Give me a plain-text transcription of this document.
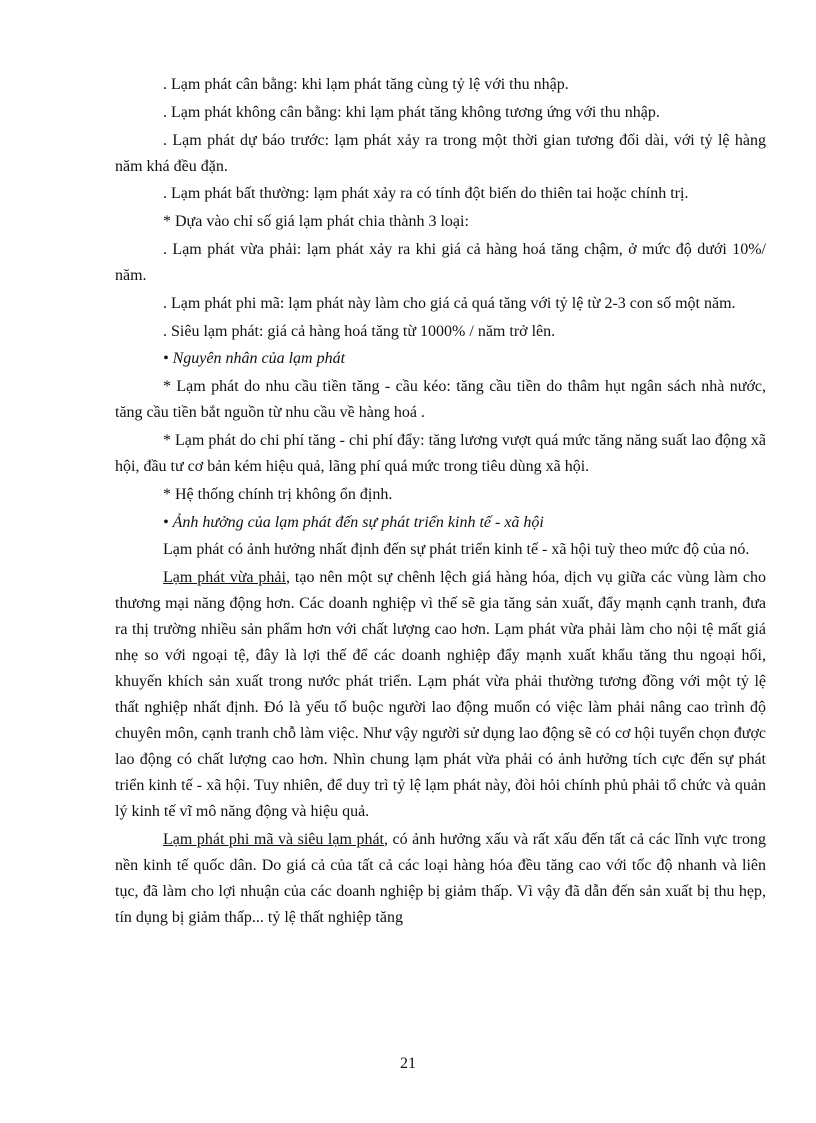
. Lạm phát cân bằng: khi lạm phát tăng cùng tỷ lệ với thu nhập.

. Lạm phát không cân bằng: khi lạm phát tăng không tương ứng với thu nhập.

. Lạm phát dự báo trước: lạm phát xảy ra trong một thời gian tương đối dài, với tỷ lệ hàng năm khá đều đặn.

. Lạm phát bất thường: lạm phát xảy ra có tính đột biến do thiên tai hoặc chính trị.

* Dựa vào chỉ số giá lạm phát chia thành 3 loại:

. Lạm phát vừa phải: lạm phát xảy ra khi giá cả hàng hoá tăng chậm, ở mức độ dưới 10%/ năm.

. Lạm phát phi mã: lạm phát này làm cho giá cả quá tăng với tỷ lệ từ 2-3 con số một năm.

. Siêu lạm phát: giá cả hàng hoá tăng từ 1000% / năm trở lên.

• Nguyên nhân của lạm phát

* Lạm phát do nhu cầu tiền tăng - cầu kéo: tăng cầu tiền do thâm hụt ngân sách nhà nước, tăng cầu tiền bắt nguồn từ nhu cầu về hàng hoá .

* Lạm phát do chi phí tăng - chi phí đẩy: tăng lương vượt quá mức tăng năng suất lao động xã hội, đầu tư cơ bản kém hiệu quả, lãng phí quá mức trong tiêu dùng xã hội.

* Hệ thống chính trị không ổn định.

• Ảnh hưởng của lạm phát đến sự phát triển kinh tế - xã hội

Lạm phát có ảnh hưởng nhất định đến sự phát triển kinh tế - xã hội tuỳ theo mức độ của nó.

Lạm phát vừa phải, tạo nên một sự chênh lệch giá hàng hóa, dịch vụ giữa các vùng làm cho thương mại năng động hơn. Các doanh nghiệp vì thế sẽ gia tăng sản xuất, đẩy mạnh cạnh tranh, đưa ra thị trường nhiều sản phẩm hơn với chất lượng cao hơn. Lạm phát vừa phải làm cho nội tệ mất giá nhẹ so với ngoại tệ, đây là lợi thế để các doanh nghiệp đẩy mạnh xuất khẩu tăng thu ngoại hối, khuyến khích sản xuất trong nước phát triển. Lạm phát vừa phải thường tương đồng với một tỷ lệ thất nghiệp nhất định. Đó là yếu tố buộc người lao động muốn có việc làm phải nâng cao trình độ chuyên môn, cạnh tranh chỗ làm việc. Như vậy người sử dụng lao động sẽ có cơ hội tuyển chọn được lao động có chất lượng cao hơn. Nhìn chung lạm phát vừa phải có ảnh hưởng tích cực đến sự phát triển kinh tế - xã hội. Tuy nhiên, để duy trì tỷ lệ lạm phát này, đòi hỏi chính phủ phải tổ chức và quản lý kinh tế vĩ mô năng động và hiệu quả.

Lạm phát phi mã và siêu lạm phát, có ảnh hưởng xấu và rất xấu đến tất cả các lĩnh vực trong nền kinh tế quốc dân. Do giá cả của tất cả các loại hàng hóa đều tăng cao với tốc độ nhanh và liên tục, đã làm cho lợi nhuận của các doanh nghiệp bị giảm thấp. Vì vậy đã dẫn đến sản xuất bị thu hẹp, tín dụng bị giảm thấp... tỷ lệ thất nghiệp tăng

21
